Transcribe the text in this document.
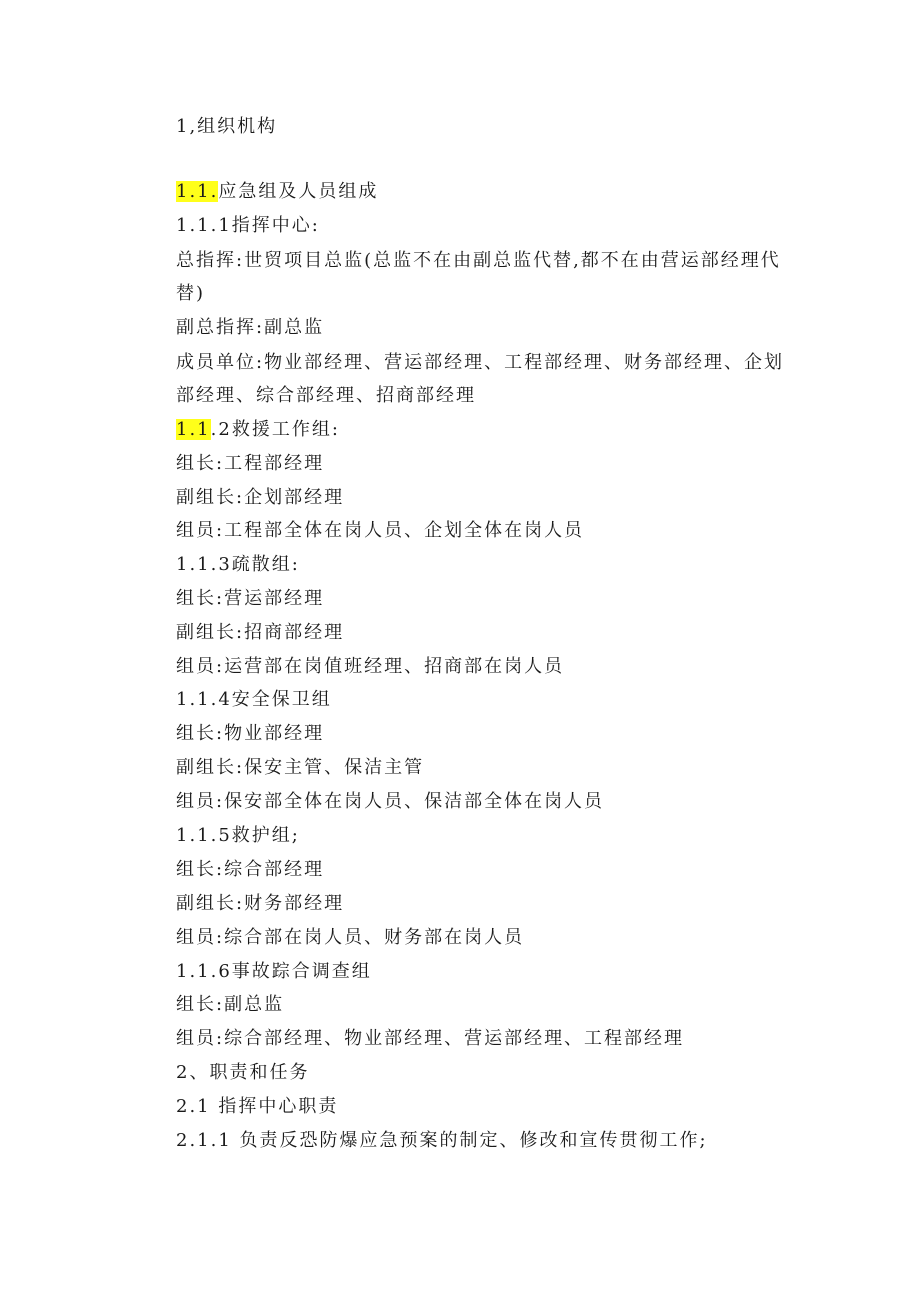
1,组织机构
1.1.应急组及人员组成
1.1.1指挥中心:
总指挥:世贸项目总监(总监不在由副总监代替,都不在由营运部经理代替)
副总指挥:副总监
成员单位:物业部经理、营运部经理、工程部经理、财务部经理、企划部经理、综合部经理、招商部经理
1.1.2救援工作组:
组长:工程部经理
副组长:企划部经理
组员:工程部全体在岗人员、企划全体在岗人员
1.1.3疏散组:
组长:营运部经理
副组长:招商部经理
组员:运营部在岗值班经理、招商部在岗人员
1.1.4安全保卫组
组长:物业部经理
副组长:保安主管、保洁主管
组员:保安部全体在岗人员、保洁部全体在岗人员
1.1.5救护组;
组长:综合部经理
副组长:财务部经理
组员:综合部在岗人员、财务部在岗人员
1.1.6事故踪合调查组
组长:副总监
组员:综合部经理、物业部经理、营运部经理、工程部经理
2、职责和任务
2.1 指挥中心职责
2.1.1 负责反恐防爆应急预案的制定、修改和宣传贯彻工作;
